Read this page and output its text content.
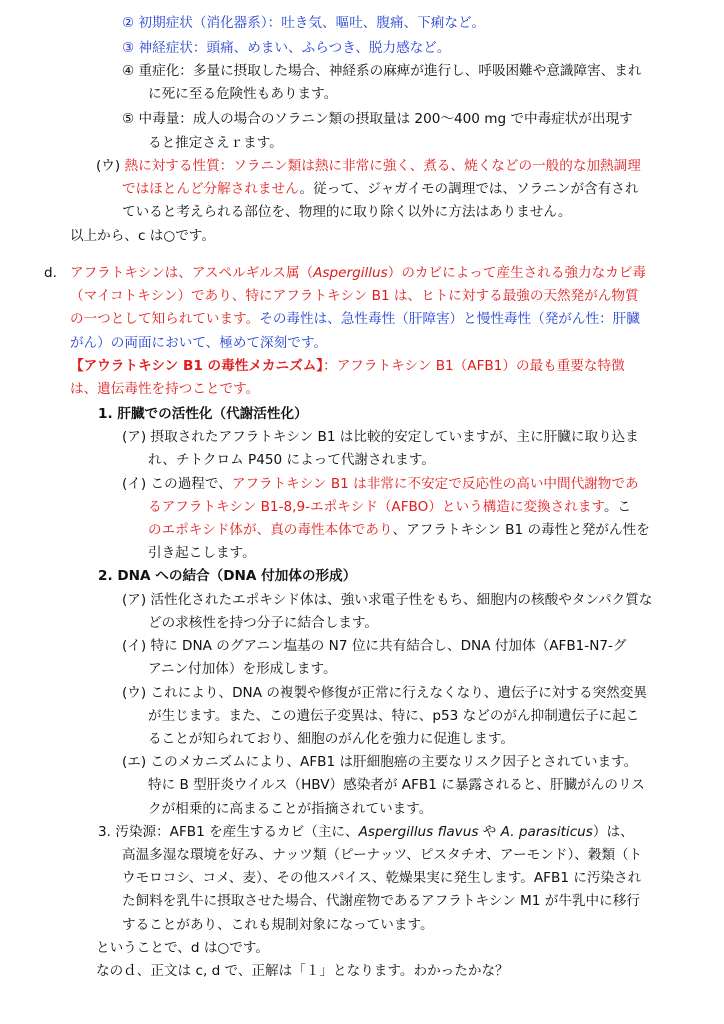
② 初期症状（消化器系）：吐き気、嘔吐、腹痛、下痢など。
③ 神経症状：頭痛、めまい、ふらつき、脱力感など。
④ 重症化：多量に摂取した場合、神経系の麻痺が進行し、呼吸困難や意識障害、まれ
に死に至る危険性もあります。
⑤ 中毒量：成人の場合のソラニン類の摂取量は 200～400 mg で中毒症状が出現す
ると推定さえｒます。
(ウ) 熱に対する性質：ソラニン類は熱に非常に強く、煮る、焼くなどの一般的な加熱調理
ではほとんど分解されません。従って、ジャガイモの調理では、ソラニンが含有され
ていると考えられる部位を、物理的に取り除く以外に方法はありません。
以上から、c は○です。
d. アフラトキシンは、アスペルギルス属（Aspergillus）のカビによって産生される強力なカビ毒
（マイコトキシン）であり、特にアフラトキシン B1 は、ヒトに対する最強の天然発がん物質
の一つとして知られています。その毒性は、急性毒性（肝障害）と慢性毒性（発がん性：肝臓
がん）の両面において、極めて深刻です。
【アウラトキシン B1 の毒性メカニズム】：アフラトキシン B1（AFB1）の最も重要な特徴
は、遺伝毒性を持つことです。
1. 肝臓での活性化（代謝活性化）
(ア) 摂取されたアフラトキシン B1 は比較的安定していますが、主に肝臓に取り込ま
れ、チトクロム P450 によって代謝されます。
(イ) この過程で、アフラトキシン B1 は非常に不安定で反応性の高い中間代謝物であ
るアフラトキシン B1-8,9-エポキシド（AFBO）という構造に変換されます。こ
のエポキシド体が、真の毒性本体であり、アフラトキシン B1 の毒性と発がん性を
引き起こします。
2. DNA への結合（DNA 付加体の形成）
(ア) 活性化されたエポキシド体は、強い求電子性をもち、細胞内の核酸やタンパク質な
どの求核性を持つ分子に結合します。
(イ) 特に DNA のグアニン塩基の N7 位に共有結合し、DNA 付加体（AFB1-N7-グ
アニン付加体）を形成します。
(ウ) これにより、DNA の複製や修復が正常に行えなくなり、遺伝子に対する突然変異
が生じます。また、この遺伝子変異は、特に、p53 などのがん抑制遺伝子に起こ
ることが知られており、細胞のがん化を強力に促進します。
(エ) このメカニズムにより、AFB1 は肝細胞癌の主要なリスク因子とされています。
特に B 型肝炎ウイルス（HBV）感染者が AFB1 に暴露されると、肝臓がんのリス
クが相乗的に高まることが指摘されています。
3. 汚染源：AFB1 を産生するカビ（主に、Aspergillus flavus や A. parasiticus）は、
高温多湿な環境を好み、ナッツ類（ピーナッツ、ピスタチオ、アーモンド）、穀類（ト
ウモロコシ、コメ、麦）、その他スパイス、乾燥果実に発生します。AFB1 に汚染され
た飼料を乳牛に摂取させた場合、代謝産物であるアフラトキシン M1 が牛乳中に移行
することがあり、これも規制対象になっています。
ということで、d は○です。
なのｄ、正文は c, d で、正解は「１」となります。わかったかな？
